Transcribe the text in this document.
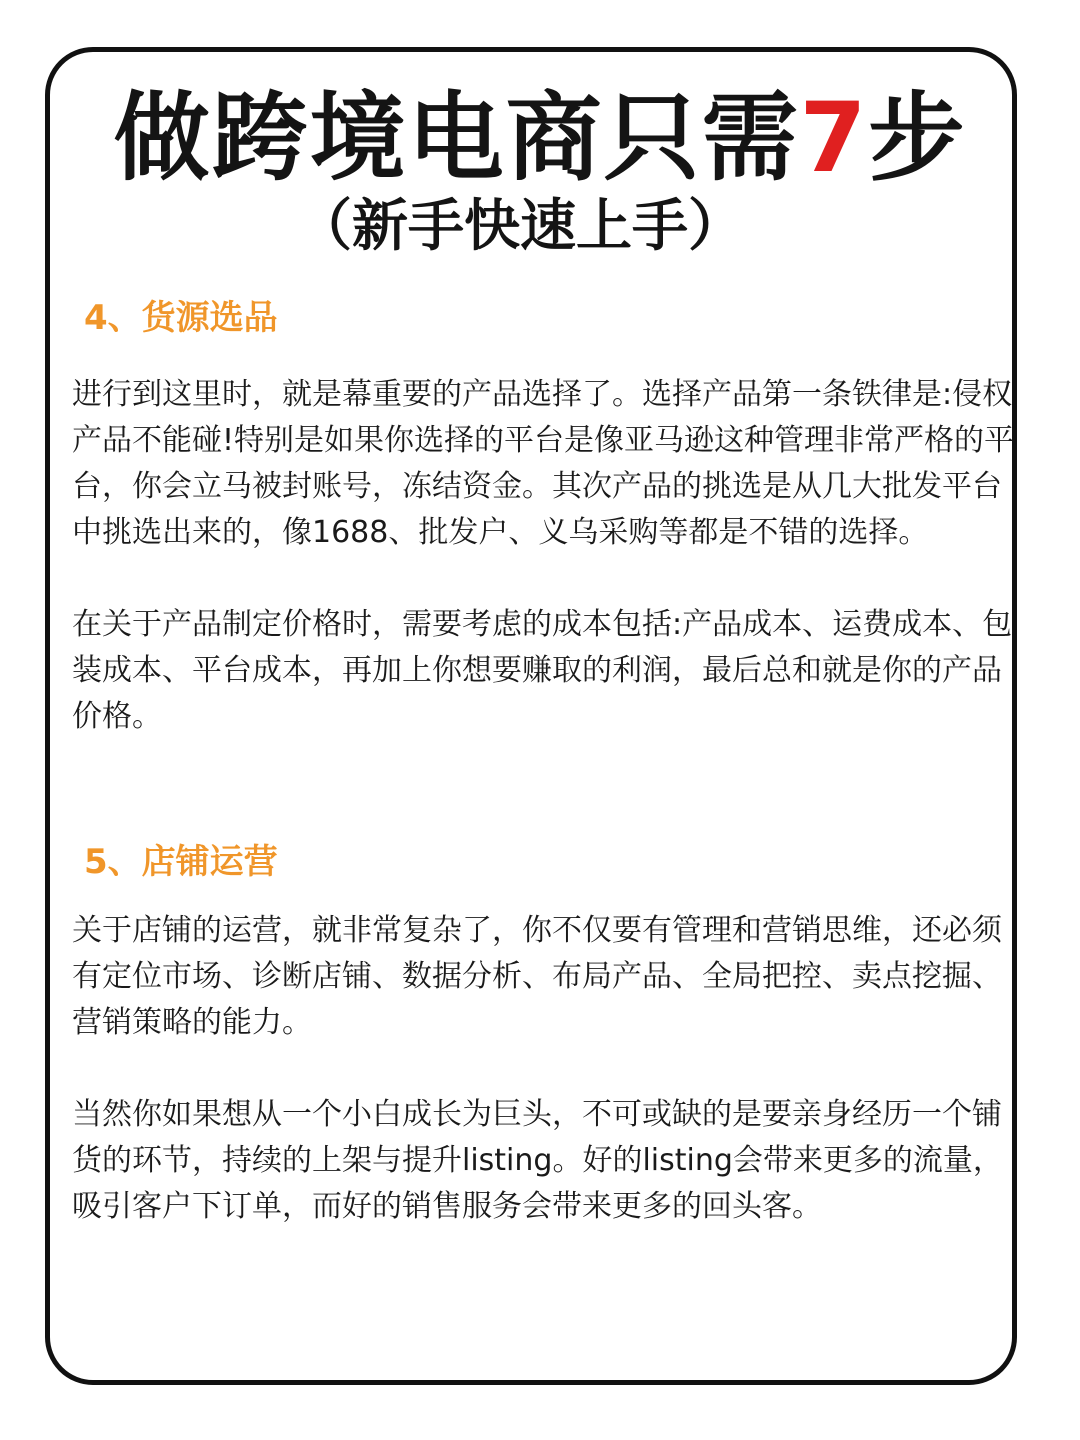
做跨境电商只需7步
（新手快速上手）
4、货源选品

进行到这里时，就是幕重要的产品选择了。选择产品第一条铁律是:侵权产品不能碰!特别是如果你选择的平台是像亚马逊这种管理非常严格的平台，你会立马被封账号，冻结资金。其次产品的挑选是从几大批发平台中挑选出来的，像1688、批发户、义乌采购等都是不错的选择。

在关于产品制定价格时，需要考虑的成本包括:产品成本、运费成本、包装成本、平台成本，再加上你想要赚取的利润，最后总和就是你的产品价格。

5、店铺运营

关于店铺的运营，就非常复杂了，你不仅要有管理和营销思维，还必须有定位市场、诊断店铺、数据分析、布局产品、全局把控、卖点挖掘、营销策略的能力。

当然你如果想从一个小白成长为巨头，不可或缺的是要亲身经历一个铺货的环节，持续的上架与提升listing。好的listing会带来更多的流量，吸引客户下订单，而好的销售服务会带来更多的回头客。
